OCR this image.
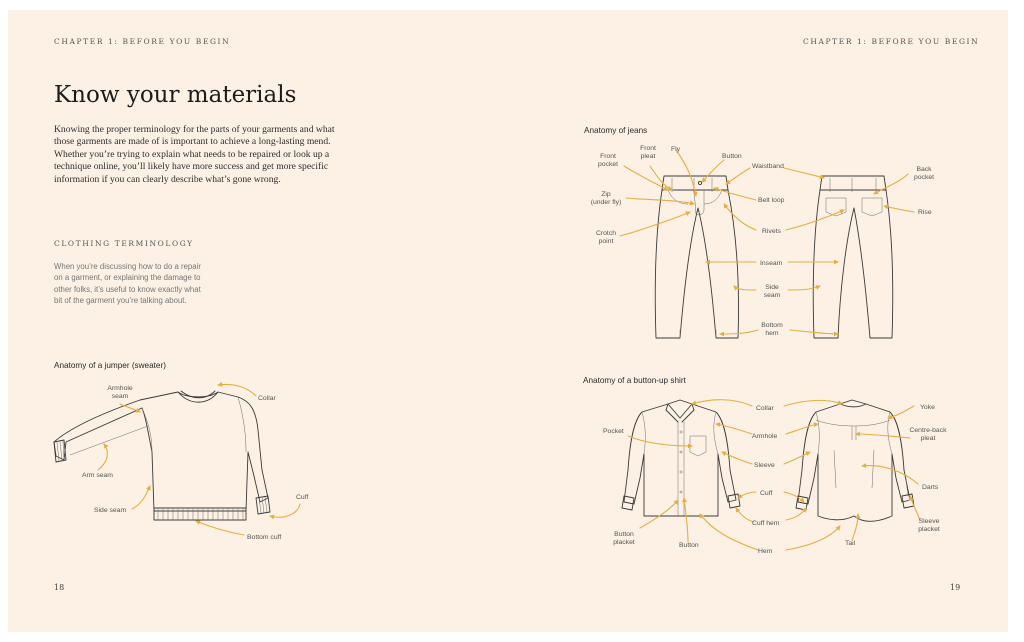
CHAPTER 1: BEFORE YOU BEGIN	CHAPTER 1: BEFORE YOU BEGIN
Know your materials

Knowing the proper terminology for the parts of your garments and what
those garments are made of is important to achieve a long-lasting mend.
Whether you’re trying to explain what needs to be repaired or look up a
technique online, you’ll likely have more success and get more specific
information if you can clearly describe what’s gone wrong.

CLOTHING TERMINOLOGY

When you’re discussing how to do a repair
on a garment, or explaining the damage to
other folks, it’s useful to know exactly what
bit of the garment you’re talking about.

Anatomy of a jumper (sweater)
Anatomy of jeans
Anatomy of a button-up shirt
18	19
Armhole seam	Collar
Arm seam
Side seam
Cuff
Bottom cuff
Front pocket
Front pleat
Fly
Button
Waistband	Back pocket
Zip (under fly)	Belt loop
Rise
Crotch point
Rivets
Inseam
Side seam
Bottom hem
Collar	Yoke
Pocket
Armhole
Centre-back pleat
Sleeve
Darts
Cuff
Cuff hem	Sleeve placket
Button placket	Button
Hem
Tail
